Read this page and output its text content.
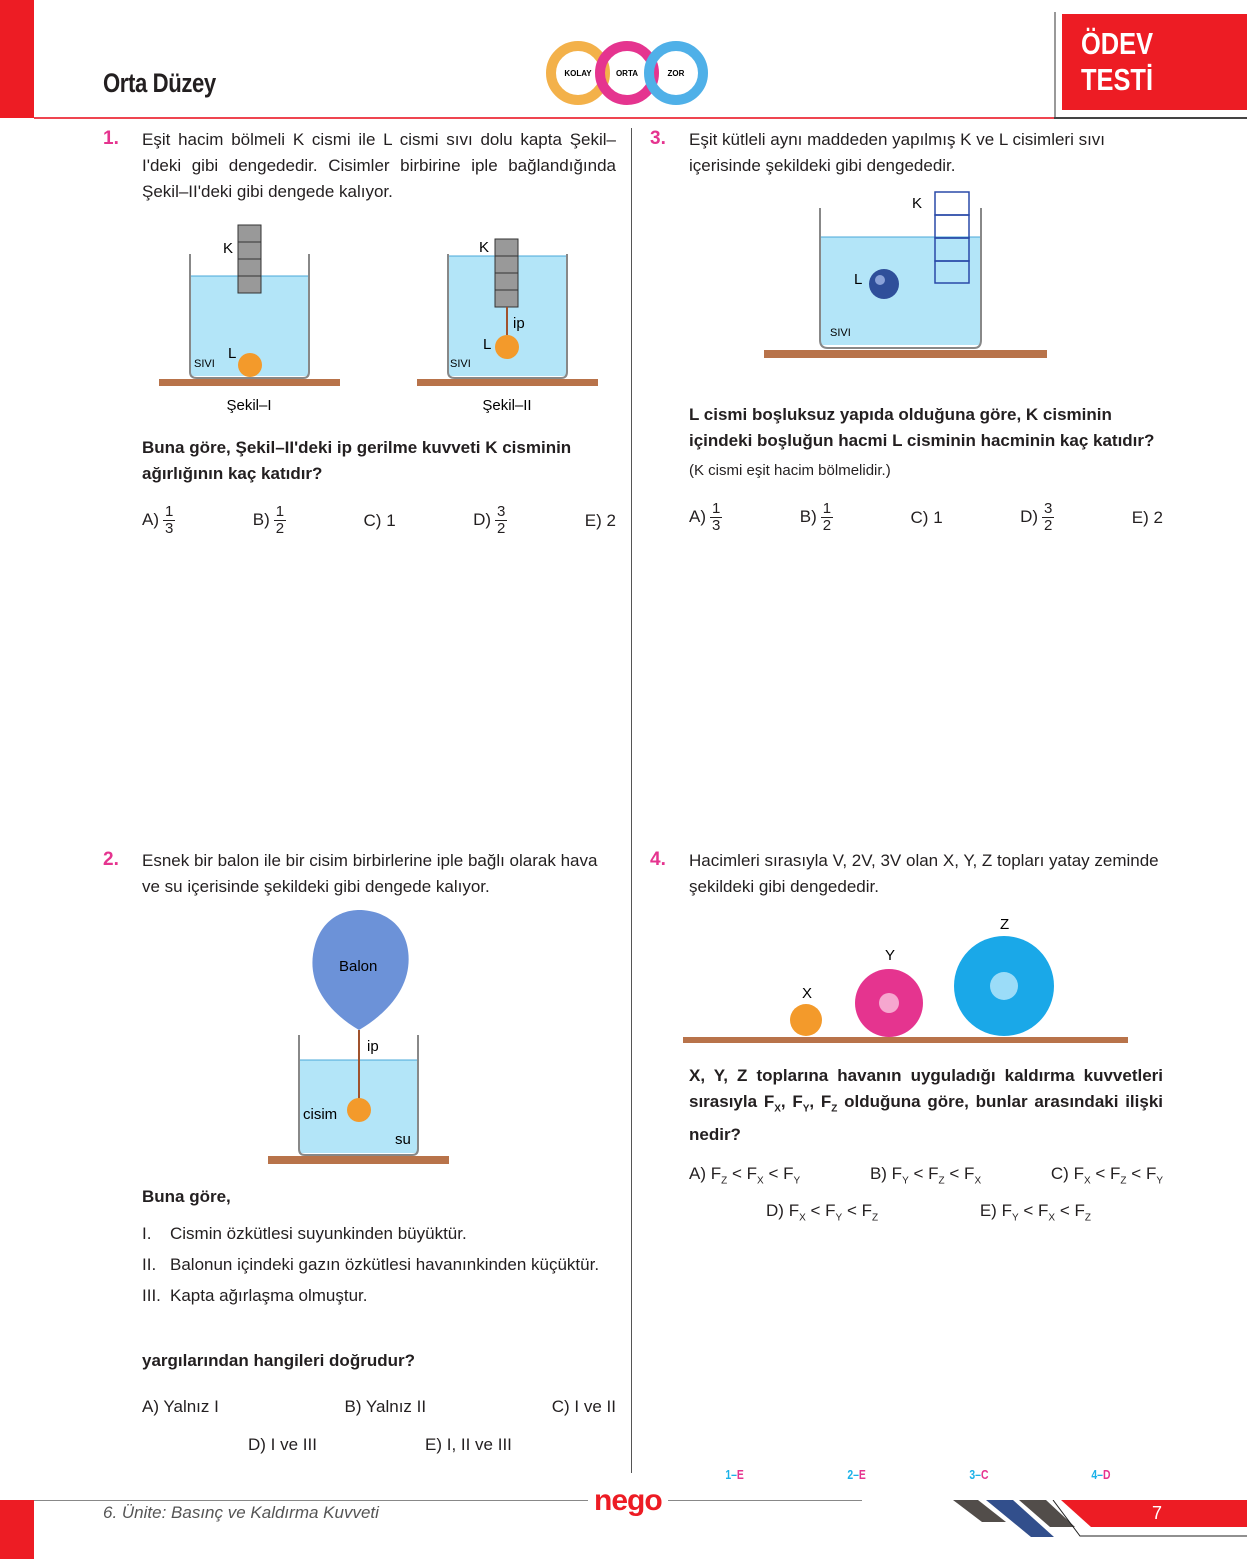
Orta Düzey	KOLAY	ORTA	ZOR
ÖDEV
TESTİ
1. Eşit hacim bölmeli K cismi ile L cismi sıvı dolu kapta Şekil–I'deki gibi dengededir. Cisimler birbirine iple bağlandığında Şekil–II'deki gibi dengede kalıyor.
K
L
SIVI
Şekil–I
K
ip
L
SIVI
Şekil–II
Buna göre, Şekil–II'deki ip gerilme kuvveti K cisminin ağırlığının kaç katıdır?
$A) \frac{1}{3}$	$B) \frac{1}{2}$	C) 1	$D) \frac{3}{2}$	E) 2
3. Eşit kütleli aynı maddeden yapılmış K ve L cisimleri sıvı içerisinde şekildeki gibi dengededir.
K
L
SIVI
L cismi boşluksuz yapıda olduğuna göre, K cisminin içindeki boşluğun hacmi L cisminin hacminin kaç katıdır?
(K cismi eşit hacim bölmelidir.)
$A) \frac{1}{3}$	$B) \frac{1}{2}$	C) 1	$D) \frac{3}{2}$	E) 2
2. Esnek bir balon ile bir cisim birbirlerine iple bağlı olarak hava ve su içerisinde şekildeki gibi dengede kalıyor.
Balon
ip
cisim
su
Buna göre,
I.	Cismin özkütlesi suyunkinden büyüktür.
II. Balonun içindeki gazın özkütlesi havanınkinden küçüktür.
III. Kapta ağırlaşma olmuştur.
yargılarından hangileri doğrudur?
A) Yalnız I	B) Yalnız II	C) I ve II
D) I ve III	E) I, II ve III
4. Hacimleri sırasıyla V, 2V, 3V olan X, Y, Z topları yatay zeminde şekildeki gibi dengededir.
X
Y
Z
X, Y, Z toplarına havanın uyguladığı kaldırma kuvvetleri sırasıyla $F_X$, $F_Y$, $F_Z$ olduğuna göre, bunlar arasındaki ilişki nedir?
A) $F_Z < F_X < F_Y$	B) $F_Y < F_Z < F_X$	C) $F_X < F_Z < F_Y$
D) $F_X < F_Y < F_Z$	E) $F_Y < F_X < F_Z$
1–E	2–E	3–C	4–D
nego
6. Ünite: Basınç ve Kaldırma Kuvveti	7
